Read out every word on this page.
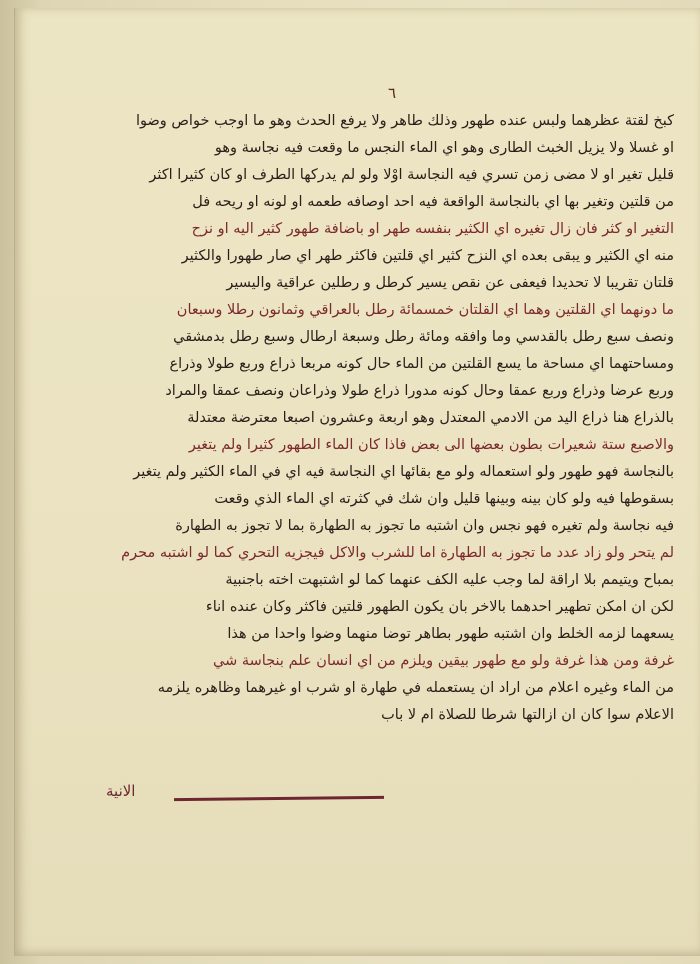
٦
كبخ لقتة عظرهما ولبس عنده طهور وذلك طاهر ولا يرفع الحدث وهو ما اوجب خواص وضوا
او غسلا ولا يزيل الخبث الطارى وهو اي الماء النجس ما وقعت فيه نجاسة وهو
قليل تغير او لا مضى زمن تسري فيه النجاسة اوْلا ولو لم يدركها الطرف او كان كثيرا اكثر
من قلتين وتغير بها اي بالنجاسة الواقعة فيه احد اوصافه طعمه او لونه او ريحه فل
التغير او كثر فان زال تغيره اي الكثير بنفسه طهر او باضافة طهور كثير اليه او نزح
منه اي الكثير و يبقى بعده اي النزح كثير اي قلتين فاكثر طهر اي صار طهورا والكثير
قلتان تقريبا لا تحديدا فيعفى عن نقص يسير كرطل و رطلين عراقية واليسير
ما دونهما اي القلتين وهما اي القلتان خمسمائة رطل بالعراقي وثمانون رطلا وسبعان
ونصف سبع رطل بالقدسي وما وافقه ومائة رطل وسبعة ارطال وسبع رطل بدمشقي
ومساحتهما اي مساحة ما يسع القلتين من الماء حال كونه مربعا ذراع وربع طولا وذراع
وربع عرضا وذراع وربع عمقا وحال كونه مدورا ذراع طولا وذراعان ونصف عمقا والمراد
بالذراع هنا ذراع اليد من الادمي المعتدل وهو اربعة وعشرون اصبعا معترضة معتدلة
والاصبع ستة شعيرات بطون بعضها الى بعض فاذا كان الماء الطهور كثيرا ولم يتغير
بالنجاسة فهو طهور ولو استعماله ولو مع بقائها اي النجاسة فيه اي في الماء الكثير ولم يتغير
بسقوطها فيه ولو كان بينه وبينها قليل وان شك في كثرته اي الماء الذي وقعت
فيه نجاسة ولم تغيره فهو نجس وان اشتبه ما تجوز به الطهارة بما لا تجوز به الطهارة
لم يتحر ولو زاد عدد ما تجوز به الطهارة اما للشرب والاكل فيجزيه التحري كما لو اشتبه محرم
بمباح ويتيمم بلا اراقة لما وجب عليه الكف عنهما كما لو اشتبهت اخته باجنبية
لكن ان امكن تطهير احدهما بالاخر بان يكون الطهور قلتين فاكثر وكان عنده اناء
يسعهما لزمه الخلط وان اشتبه طهور بطاهر توضا منهما وضوا واحدا من هذا
غرفة ومن هذا غرفة ولو مع طهور بيقين ويلزم من اي انسان علم بنجاسة شي
من الماء وغيره اعلام من اراد ان يستعمله في طهارة او شرب او غيرهما وظاهره يلزمه
الاعلام سوا كان ان ازالتها شرطا للصلاة ام لا باب
الانية
